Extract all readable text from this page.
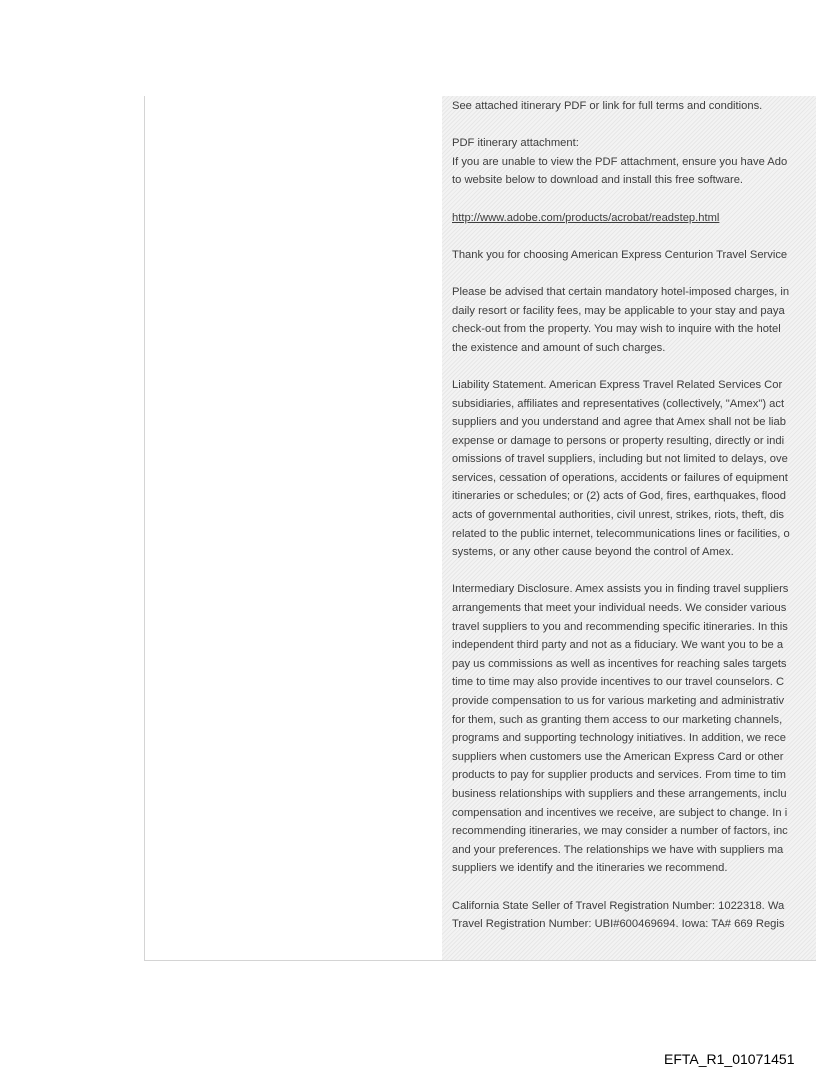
See attached itinerary PDF or link for full terms and conditions.
PDF itinerary attachment:
If you are unable to view the PDF attachment, ensure you have Ado
to website below to download and install this free software.
http://www.adobe.com/products/acrobat/readstep.html
Thank you for choosing American Express Centurion Travel Service
Please be advised that certain mandatory hotel-imposed charges, in
daily resort or facility fees, may be applicable to your stay and paya
check-out from the property. You may wish to inquire with the hotel
the existence and amount of such charges.
Liability Statement. American Express Travel Related Services Cor
subsidiaries, affiliates and representatives (collectively, "Amex") act
suppliers and you understand and agree that Amex shall not be liab
expense or damage to persons or property resulting, directly or indi
omissions of travel suppliers, including but not limited to delays, ove
services, cessation of operations, accidents or failures of equipment
itineraries or schedules; or (2) acts of God, fires, earthquakes, flood
acts of governmental authorities, civil unrest, strikes, riots, theft, dis
related to the public internet, telecommunications lines or facilities, o
systems, or any other cause beyond the control of Amex.
Intermediary Disclosure. Amex assists you in finding travel suppliers
arrangements that meet your individual needs. We consider various
travel suppliers to you and recommending specific itineraries. In this
independent third party and not as a fiduciary. We want you to be a
pay us commissions as well as incentives for reaching sales targets
time to time may also provide incentives to our travel counselors. C
provide compensation to us for various marketing and administrativ
for them, such as granting them access to our marketing channels,
programs and supporting technology initiatives. In addition, we rece
suppliers when customers use the American Express Card or other
products to pay for supplier products and services. From time to tim
business relationships with suppliers and these arrangements, inclu
compensation and incentives we receive, are subject to change. In i
recommending itineraries, we may consider a number of factors, inc
and your preferences. The relationships we have with suppliers ma
suppliers we identify and the itineraries we recommend.
California State Seller of Travel Registration Number: 1022318. Wa
Travel Registration Number: UBI#600469694. Iowa: TA# 669 Regis
EFTA_R1_01071451
